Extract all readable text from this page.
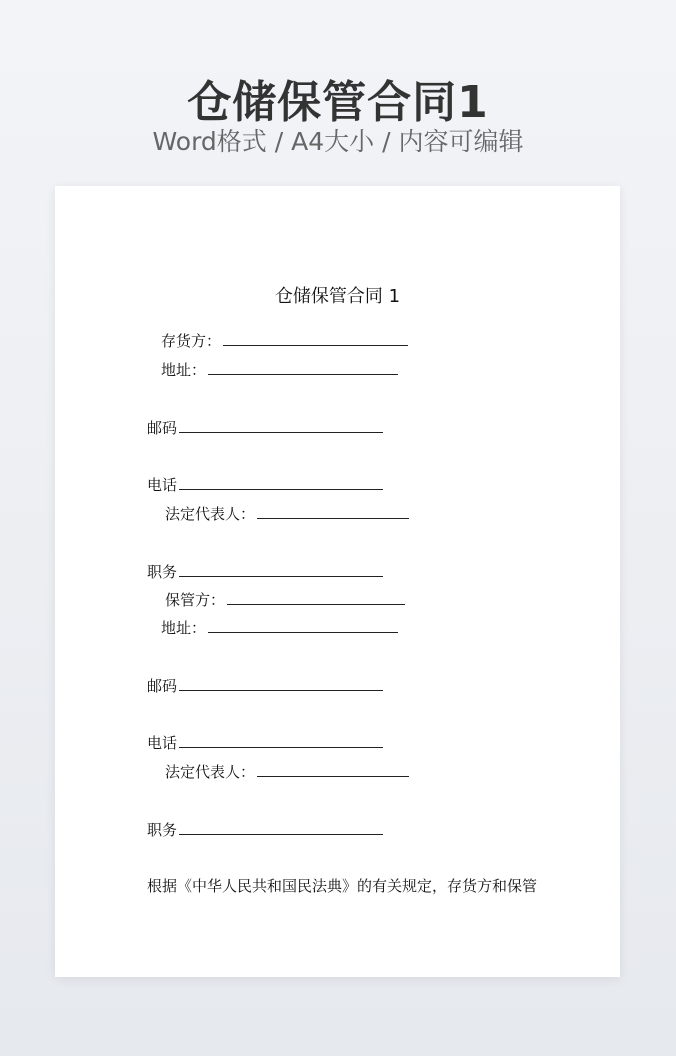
仓储保管合同1
Word格式 / A4大小 / 内容可编辑
仓储保管合同 1
存货方：
地址：
邮码
电话
法定代表人：
职务
保管方：
地址：
邮码
电话
法定代表人：
职务
根据《中华人民共和国民法典》的有关规定，存货方和保管
